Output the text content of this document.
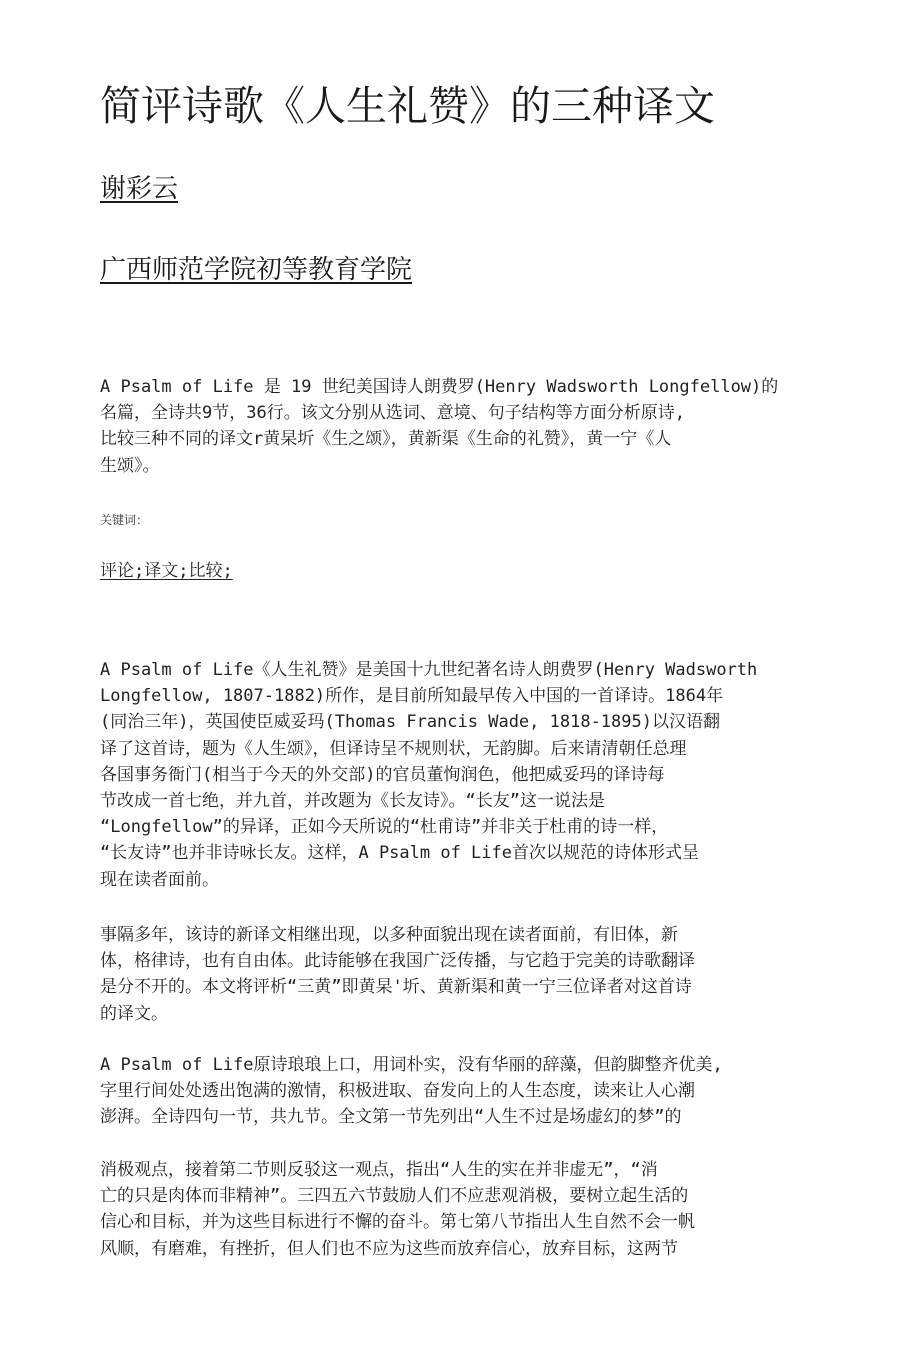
简评诗歌《人生礼赞》的三种译文

谢彩云

广西师范学院初等教育学院

A Psalm of Life 是 19 世纪美国诗人朗费罗(Henry Wadsworth Longfellow)的
名篇，全诗共9节，36行。该文分别从选词、意境、句子结构等方面分析原诗,
比较三种不同的译文r黄杲圻《生之颂》，黄新渠《生命的礼赞》，黄一宁《人
生颂》。

关键词：

评论;译文;比较;

A Psalm of Life《人生礼赞》是美国十九世纪著名诗人朗费罗(Henry Wadsworth
Longfellow, 1807-1882)所作，是目前所知最早传入中国的一首译诗。1864年
(同治三年)，英国使臣威妥玛(Thomas Francis Wade, 1818-1895)以汉语翻
译了这首诗，题为《人生颂》，但译诗呈不规则状，无韵脚。后来请清朝任总理
各国事务衙门(相当于今天的外交部)的官员董恂润色，他把威妥玛的译诗每
节改成一首七绝，并九首，并改题为《长友诗》。“长友”这一说法是
“Longfellow”的异译，正如今天所说的“杜甫诗”并非关于杜甫的诗一样，
“长友诗”也并非诗咏长友。这样，A Psalm of Life首次以规范的诗体形式呈
现在读者面前。
事隔多年，该诗的新译文相继出现，以多种面貌出现在读者面前，有旧体，新
体，格律诗，也有自由体。此诗能够在我国广泛传播，与它趋于完美的诗歌翻译
是分不开的。本文将评析“三黄”即黄杲'圻、黄新渠和黄一宁三位译者对这首诗
的译文。
A Psalm of Life原诗琅琅上口，用词朴实，没有华丽的辞藻，但韵脚整齐优美,
字里行间处处透出饱满的激情，积极进取、奋发向上的人生态度，读来让人心潮
澎湃。全诗四句一节，共九节。全文第一节先列出“人生不过是场虚幻的梦”的
消极观点，接着第二节则反驳这一观点，指出“人生的实在并非虚无”，“消
亡的只是肉体而非精神”。三四五六节鼓励人们不应悲观消极，要树立起生活的
信心和目标，并为这些目标进行不懈的奋斗。第七第八节指出人生自然不会一帆
风顺，有磨难，有挫折，但人们也不应为这些而放弃信心，放弃目标，这两节
